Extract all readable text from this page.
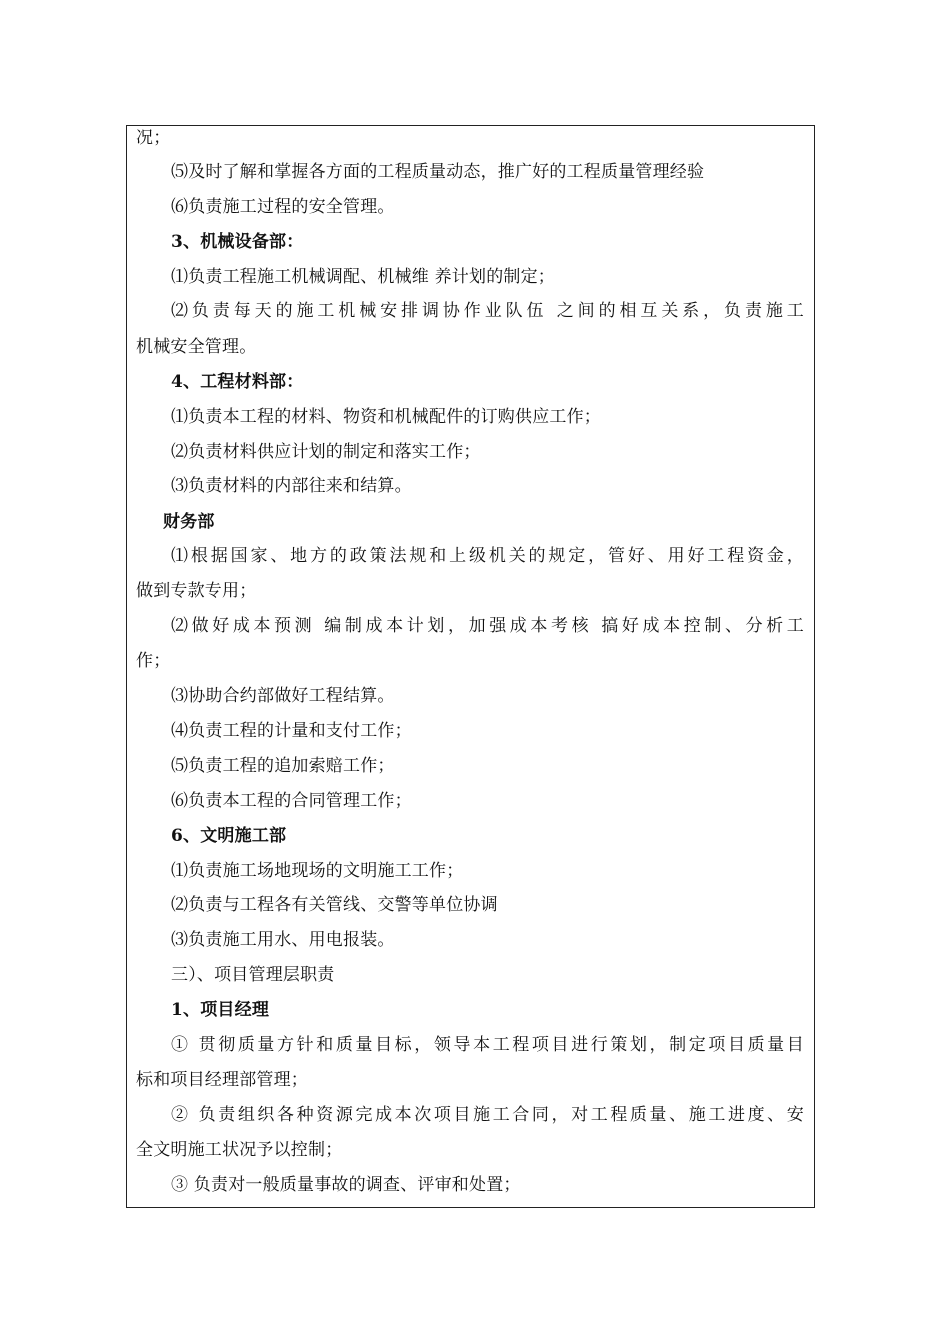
况；
⑸及时了解和掌握各方面的工程质量动态，推广好的工程质量管理经验
⑹负责施工过程的安全管理。
3、机械设备部：
⑴负责工程施工机械调配、机械维 养计划的制定；
⑵负责每天的施工机械安排调协作业队伍 之间的相互关系，负责施工
机械安全管理。
4、工程材料部：
⑴负责本工程的材料、物资和机械配件的订购供应工作；
⑵负责材料供应计划的制定和落实工作；
⑶负责材料的内部往来和结算。
财务部
⑴根据国家、地方的政策法规和上级机关的规定，管好、用好工程资金，
做到专款专用；
⑵做好成本预测 编制成本计划，加强成本考核 搞好成本控制、分析工
作；
⑶协助合约部做好工程结算。
⑷负责工程的计量和支付工作；
⑸负责工程的追加索赔工作；
⑹负责本工程的合同管理工作；
6、文明施工部
⑴负责施工场地现场的文明施工工作；
⑵负责与工程各有关管线、交警等单位协调
⑶负责施工用水、用电报装。
三）、项目管理层职责
1、项目经理
① 贯彻质量方针和质量目标，领导本工程项目进行策划，制定项目质量目
标和项目经理部管理；
② 负责组织各种资源完成本次项目施工合同，对工程质量、施工进度、安
全文明施工状况予以控制；
③ 负责对一般质量事故的调查、评审和处置；
